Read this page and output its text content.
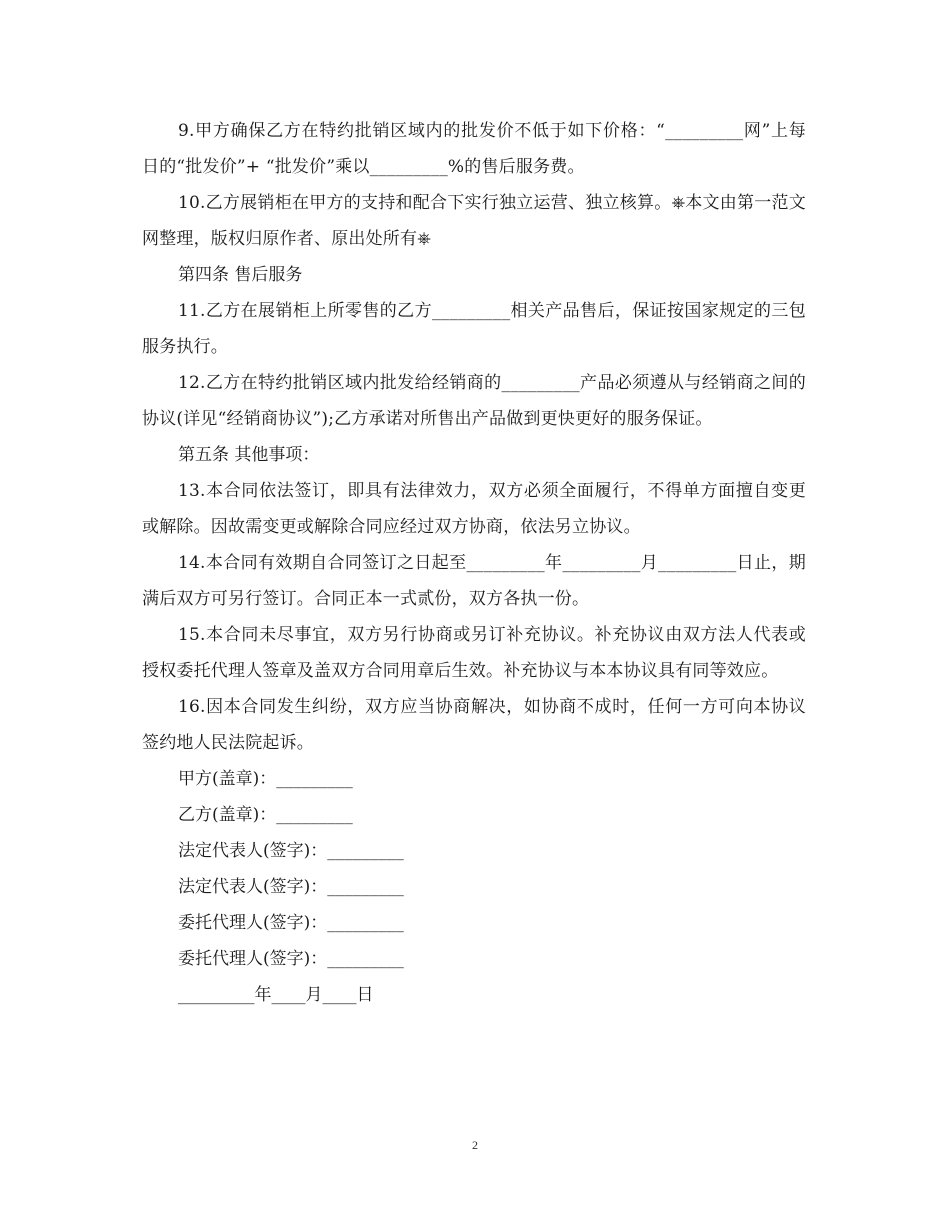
9.甲方确保乙方在特约批销区域内的批发价不低于如下价格：“_________网”上每日的“批发价”+ “批发价”乘以_________%的售后服务费。

10.乙方展销柜在甲方的支持和配合下实行独立运营、独立核算。⎈本文由第一范文网整理，版权归原作者、原出处所有⎈

第四条 售后服务

11.乙方在展销柜上所零售的乙方_________相关产品售后，保证按国家规定的三包服务执行。

12.乙方在特约批销区域内批发给经销商的_________产品必须遵从与经销商之间的协议(详见“经销商协议”);乙方承诺对所售出产品做到更快更好的服务保证。

第五条 其他事项：

13.本合同依法签订，即具有法律效力，双方必须全面履行，不得单方面擅自变更或解除。因故需变更或解除合同应经过双方协商，依法另立协议。

14.本合同有效期自合同签订之日起至_________年_________月_________日止，期满后双方可另行签订。合同正本一式贰份，双方各执一份。

15.本合同未尽事宜，双方另行协商或另订补充协议。补充协议由双方法人代表或授权委托代理人签章及盖双方合同用章后生效。补充协议与本本协议具有同等效应。

16.因本合同发生纠纷，双方应当协商解决，如协商不成时，任何一方可向本协议签约地人民法院起诉。

甲方(盖章)：_________

乙方(盖章)：_________

法定代表人(签字)：_________

法定代表人(签字)：_________

委托代理人(签字)：_________

委托代理人(签字)：_________

_________年____月____日

2
